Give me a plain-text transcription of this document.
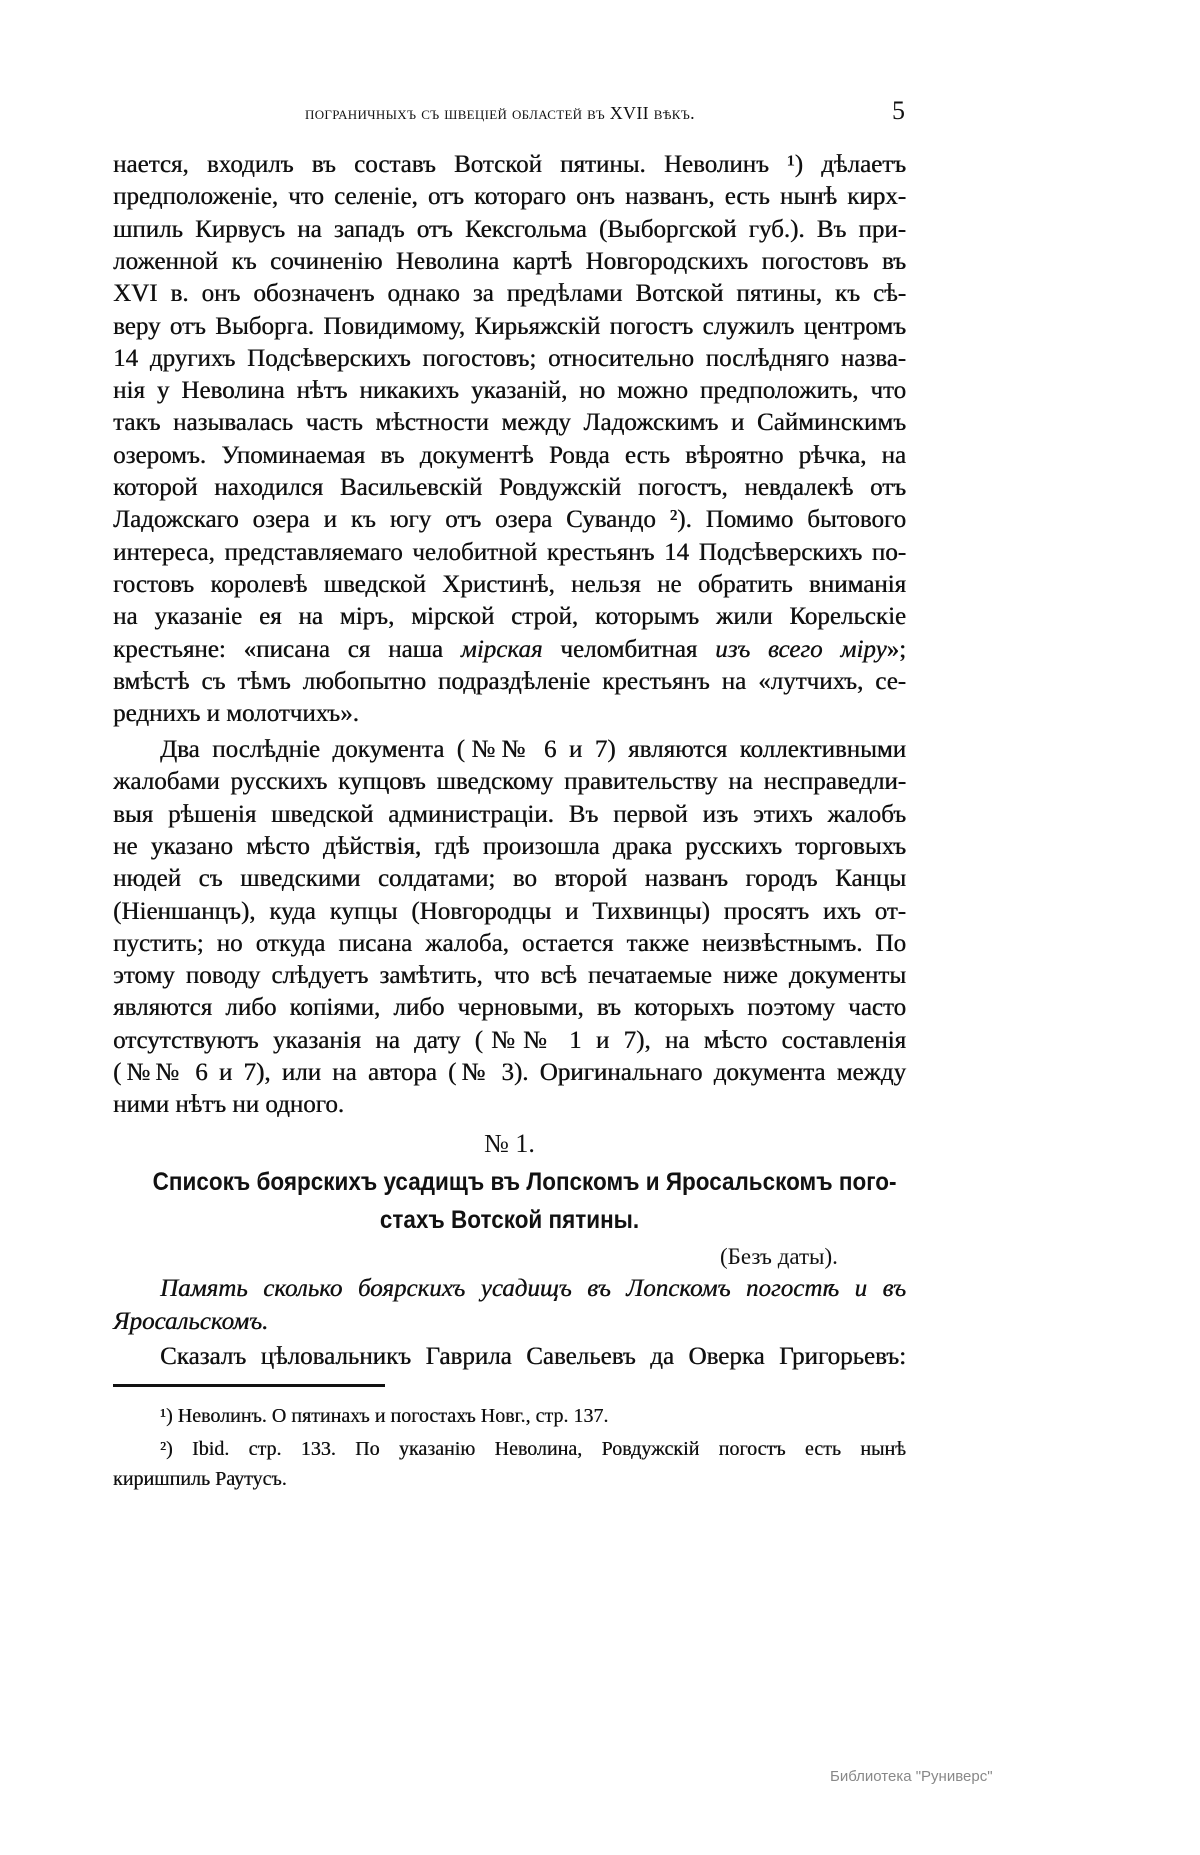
пограничныхъ съ швеціей областей въ XVII вѣкъ.	5
нается, входилъ въ составъ Вотской пятины. Неволинъ ¹) дѣлаетъ
предположеніе, что селеніе, отъ котораго онъ названъ, есть нынѣ кирх-
шпиль Кирвусъ на западъ отъ Кексгольма (Выборгской губ.). Въ при-
ложенной къ сочиненію Неволина картѣ Новгородскихъ погостовъ въ
XVI в. онъ обозначенъ однако за предѣлами Вотской пятины, къ сѣ-
веру отъ Выборга. Повидимому, Кирьяжскій погостъ служилъ центромъ
14 другихъ Подсѣверскихъ погостовъ; относительно послѣдняго назва-
нія у Неволина нѣтъ никакихъ указаній, но можно предположить, что
такъ называлась часть мѣстности между Ладожскимъ и Сайминскимъ
озеромъ. Упоминаемая въ документѣ Ровда есть вѣроятно рѣчка, на
которой находился Васильевскій Ровдужскій погостъ, невдалекѣ отъ
Ладожскаго озера и къ югу отъ озера Сувандо ²). Помимо бытового
интереса, представляемаго челобитной крестьянъ 14 Подсѣверскихъ по-
гостовъ королевѣ шведской Христинѣ, нельзя не обратить вниманія
на указаніе ея на міръ, мірской строй, которымъ жили Корельскіе
крестьяне: «писана ся наша мірская челомбитная изъ всего міру»;
вмѣстѣ съ тѣмъ любопытно подраздѣленіе крестьянъ на «лутчихъ, се-
реднихъ и молотчихъ».
Два послѣдніе документа (№№ 6 и 7) являются коллективными
жалобами русскихъ купцовъ шведскому правительству на несправедли-
выя рѣшенія шведской администраціи. Въ первой изъ этихъ жалобъ
не указано мѣсто дѣйствія, гдѣ произошла драка русскихъ торговыхъ
нюдей съ шведскими солдатами; во второй названъ городъ Канцы
(Ніеншанцъ), куда купцы (Новгородцы и Тихвинцы) просятъ ихъ от-
пустить; но откуда писана жалоба, остается также неизвѣстнымъ. По
этому поводу слѣдуетъ замѣтить, что всѣ печатаемые ниже документы
являются либо копіями, либо черновыми, въ которыхъ поэтому часто
отсутствуютъ указанія на дату (№№ 1 и 7), на мѣсто составленія
(№№ 6 и 7), или на автора (№ 3). Оригинальнаго документа между
ними нѣтъ ни одного.
№ 1.
Списокъ боярскихъ усадищъ въ Лопскомъ и Яросальскомъ пого-
стахъ Вотской пятины.
(Безъ даты).
Память сколько боярскихъ усадищъ въ Лопскомъ погостѣ и въ
Яросальскомъ.
Сказалъ цѣловальникъ Гаврила Савельевъ да Оверка Григорьевъ:
¹) Неволинъ. О пятинахъ и погостахъ Новг., стр. 137.
²) Ibid. стр. 133. По указанію Неволина, Ровдужскій погостъ есть нынѣ
киришпиль Раутусъ.
Библиотека "Руниверс"
